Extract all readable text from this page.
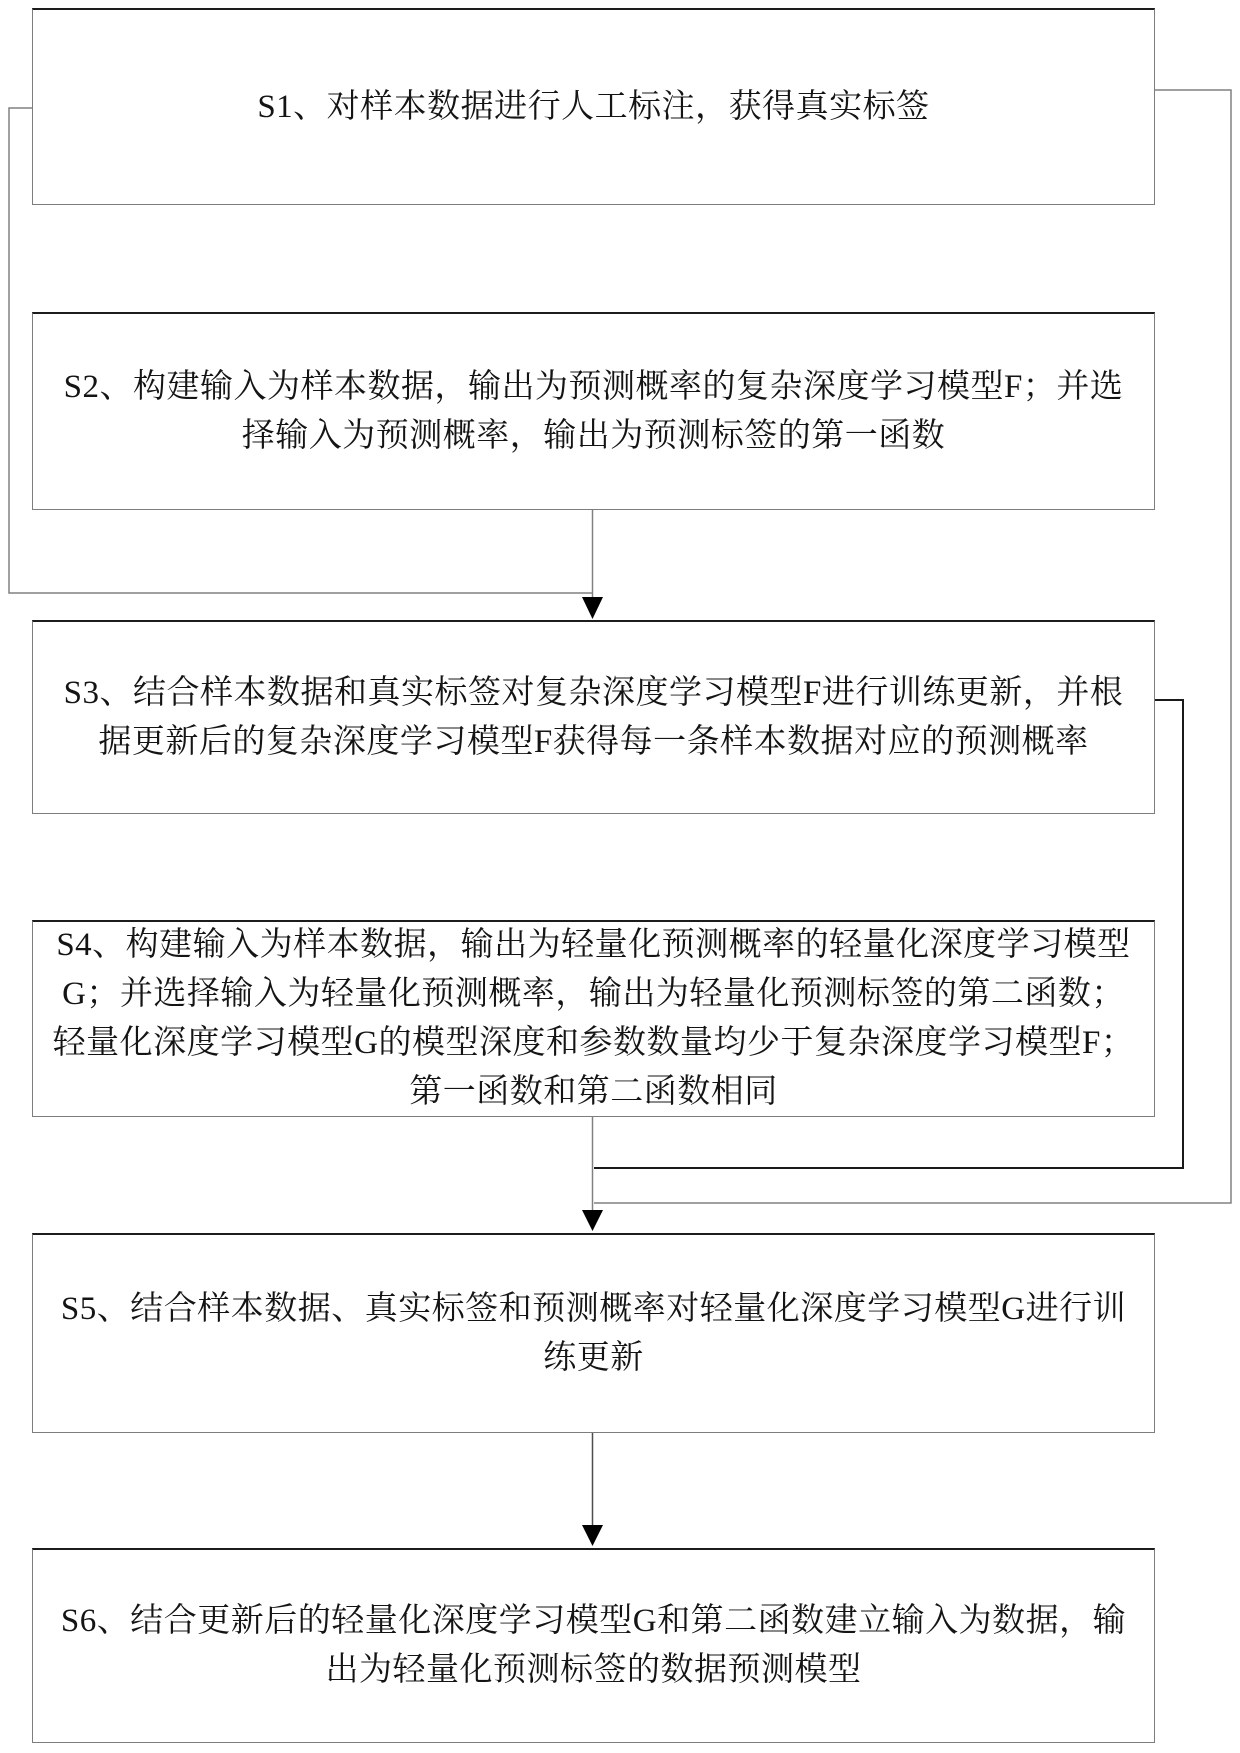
S1、对样本数据进行人工标注，获得真实标签
S2、构建输入为样本数据，输出为预测概率的复杂深度学习模型F；并选
择输入为预测概率，输出为预测标签的第一函数
S3、结合样本数据和真实标签对复杂深度学习模型F进行训练更新，并根
据更新后的复杂深度学习模型F获得每一条样本数据对应的预测概率
S4、构建输入为样本数据，输出为轻量化预测概率的轻量化深度学习模型
G；并选择输入为轻量化预测概率，输出为轻量化预测标签的第二函数；
轻量化深度学习模型G的模型深度和参数数量均少于复杂深度学习模型F；
第一函数和第二函数相同
S5、结合样本数据、真实标签和预测概率对轻量化深度学习模型G进行训
练更新
S6、结合更新后的轻量化深度学习模型G和第二函数建立输入为数据，输
出为轻量化预测标签的数据预测模型
